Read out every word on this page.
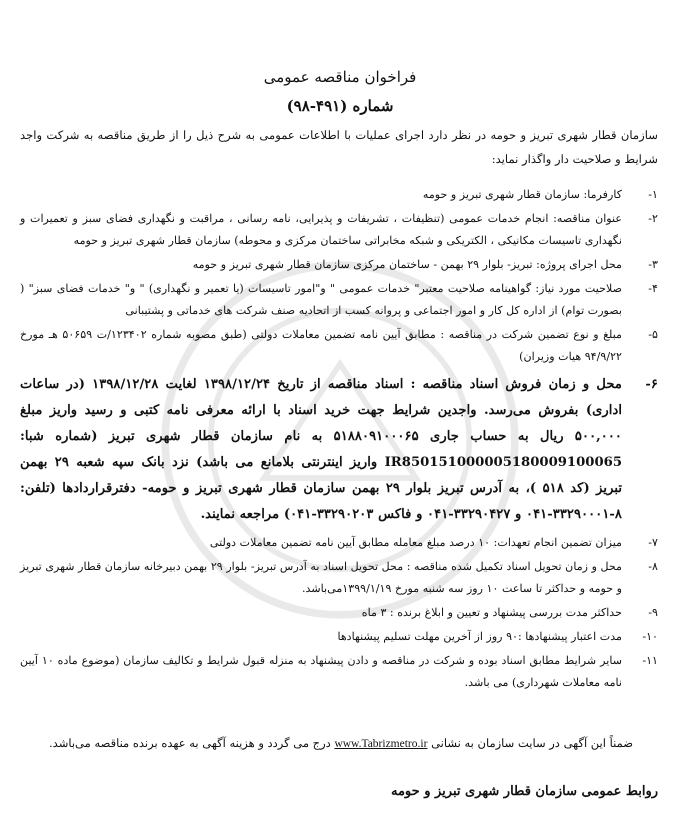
فراخوان مناقصه عمومی
شماره (۴۹۱-۹۸)
سازمان قطار شهری تبریز و حومه در نظر دارد اجرای عملیات با اطلاعات عمومی به شرح ذیل را از طریق مناقصه به شرکت واجد شرایط و صلاحیت دار واگذار نماید:
۱-
کارفرما: سازمان قطار شهری تبریز و حومه
۲-
عنوان مناقصه: انجام خدمات عمومی (تنظیفات ، تشریفات و پذیرایی، نامه رسانی ، مراقبت و نگهداری فضای سبز و تعمیرات و نگهداری تاسیسات مکانیکی ، الکتریکی و شبکه مخابراتی ساختمان مرکزی و محوطه) سازمان قطار شهری تبریز و حومه
۳-
محل اجرای پروژه: تبریز- بلوار ۲۹ بهمن - ساختمان مرکزی سازمان قطار شهری تبریز و حومه
۴-
صلاحیت مورد نیاز: گواهینامه صلاحیت معتبر" خدمات عمومی " و"امور تاسیسات (یا تعمیر و نگهداری) " و" خدمات فضای سبز" ( بصورت توام) از اداره کل کار و امور اجتماعی و پروانه کسب از اتحادیه صنف شرکت های خدماتی و پشتیبانی
۵-
مبلغ و نوع تضمین شرکت در مناقصه : مطابق آیین نامه تضمین معاملات دولتی (طبق مصوبه شماره ۱۲۳۴۰۲/ت ۵۰۶۵۹ هـ مورخ ۹۴/۹/۲۲ هیات وزیران)
۶-
محل و زمان فروش اسناد مناقصه : اسناد مناقصه از تاریخ ۱۳۹۸/۱۲/۲۴ لغایت ۱۳۹۸/۱۲/۲۸ (در ساعات اداری) بفروش می‌رسد. واجدین شرایط جهت خرید اسناد با ارائه معرفی نامه کتبی و رسید واریز مبلغ ۵۰۰,۰۰۰ ریال به حساب جاری ۵۱۸۸۰۹۱۰۰۰۶۵ به نام سازمان قطار شهری تبریز (شماره شبا: IR850151000005180009100065 واریز اینترنتی بلامانع می باشد) نزد بانک سپه شعبه ۲۹ بهمن تبریز (کد ۵۱۸ )، به آدرس تبریز بلوار ۲۹ بهمن سازمان قطار شهری تبریز و حومه- دفترقراردادها (تلفن: ۸-۳۳۲۹۰۰۰۱-۰۴۱ و ۳۳۲۹۰۴۲۷-۰۴۱ و فاکس ۳۳۲۹۰۲۰۳-۰۴۱) مراجعه نمایند.
۷-
میزان تضمین انجام تعهدات: ۱۰ درصد مبلغ معامله مطابق آیین نامه تضمین معاملات دولتی
۸-
محل و زمان تحویل اسناد تکمیل شده مناقصه : محل تحویل اسناد به آدرس تبریز- بلوار ۲۹ بهمن دبیرخانه سازمان قطار شهری تبریز و حومه و حداکثر تا ساعت ۱۰ روز سه شنبه مورخ ۱۳۹۹/۱/۱۹می‌باشد.
۹-
حداکثر مدت بررسی پیشنهاد و تعیین و ابلاغ برنده : ۳ ماه
۱۰-
مدت اعتبار پیشنهادها :۹۰ روز از آخرین مهلت تسلیم پیشنهادها
۱۱-
سایر شرایط مطابق اسناد بوده و شرکت در مناقصه و دادن پیشنهاد به منزله قبول شرایط و تکالیف سازمان (موضوع ماده ۱۰ آیین نامه معاملات شهرداری) می باشد.
ضمناً این آگهی در سایت سازمان به نشانی www.Tabrizmetro.ir درج می گردد و هزینه آگهی به عهده برنده مناقصه می‌باشد.
روابط عمومی سازمان قطار شهری تبریز و حومه
